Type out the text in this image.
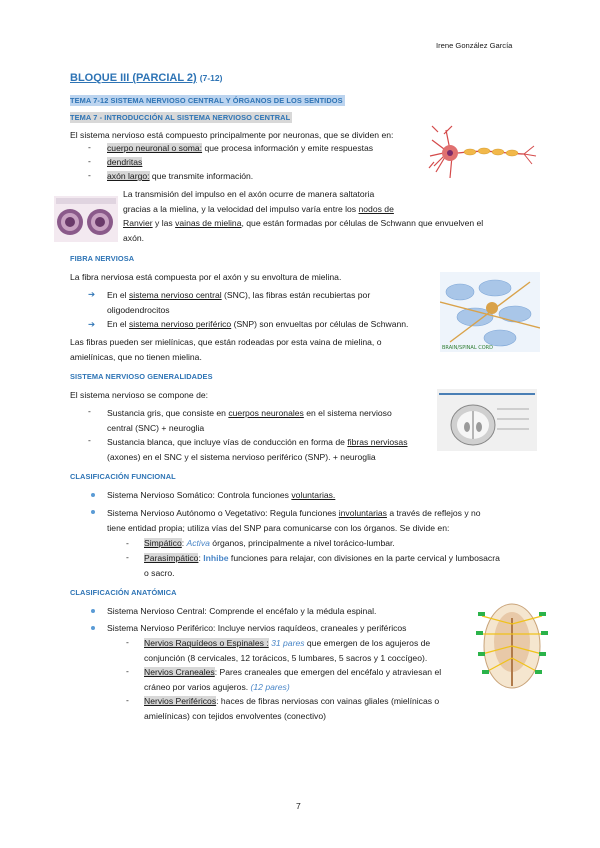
Irene González García
BLOQUE III (PARCIAL 2) (7-12)
TEMA 7-12 SISTEMA NERVIOSO CENTRAL Y ÓRGANOS DE LOS SENTIDOS
TEMA 7 - INTRODUCCIÓN AL SISTEMA NERVIOSO CENTRAL
El sistema nervioso está compuesto principalmente por neuronas, que se dividen en:
- cuerpo neuronal o soma: que procesa información y emite respuestas
- dendritas
- axón largo: que transmite información.
La transmisión del impulso en el axón ocurre de manera saltatoria
gracias a la mielina, y la velocidad del impulso varía entre los nodos de
Ranvier y las vainas de mielina, que están formadas por células de Schwann que envuelven el
axón.
FIBRA NERVIOSA
La fibra nerviosa está compuesta por el axón y su envoltura de mielina.
➔ En el sistema nervioso central (SNC), las fibras están recubiertas por
oligodendrocitos
➔ En el sistema nervioso periférico (SNP) son envueltas por células de Schwann.
Las fibras pueden ser mielínicas, que están rodeadas por esta vaina de mielina, o
amielínicas, que no tienen mielina.
BRAIN/SPINAL CORD
SISTEMA NERVIOSO GENERALIDADES
El sistema nervioso se compone de:
- Sustancia gris, que consiste en cuerpos neuronales en el sistema nervioso
central (SNC) + neuroglia
- Sustancia blanca, que incluye vías de conducción en forma de fibras nerviosas
(axones) en el SNC y el sistema nervioso periférico (SNP). + neuroglia
CLASIFICACIÓN FUNCIONAL
Sistema Nervioso Somático: Controla funciones voluntarias.
Sistema Nervioso Autónomo o Vegetativo: Regula funciones involuntarias a través de reflejos y no
tiene entidad propia; utiliza vías del SNP para comunicarse con los órganos. Se divide en:
- Simpático: Activa órganos, principalmente a nivel torácico-lumbar.
- Parasimpático: Inhibe funciones para relajar, con divisiones en la parte cervical y lumbosacra
o sacro.
CLASIFICACIÓN ANATÓMICA
Sistema Nervioso Central: Comprende el encéfalo y la médula espinal.
Sistema Nervioso Periférico: Incluye nervios raquídeos, craneales y periféricos
- Nervios Raquídeos o Espinales : 31 pares que emergen de los agujeros de
conjunción (8 cervicales, 12 torácicos, 5 lumbares, 5 sacros y 1 coccígeo).
- Nervios Craneales: Pares craneales que emergen del encéfalo y atraviesan el
cráneo por varios agujeros. (12 pares)
- Nervios Periféricos: haces de fibras nerviosas con vainas gliales (mielínicas o
amielínicas) con tejidos envolventes (conectivo)
7
